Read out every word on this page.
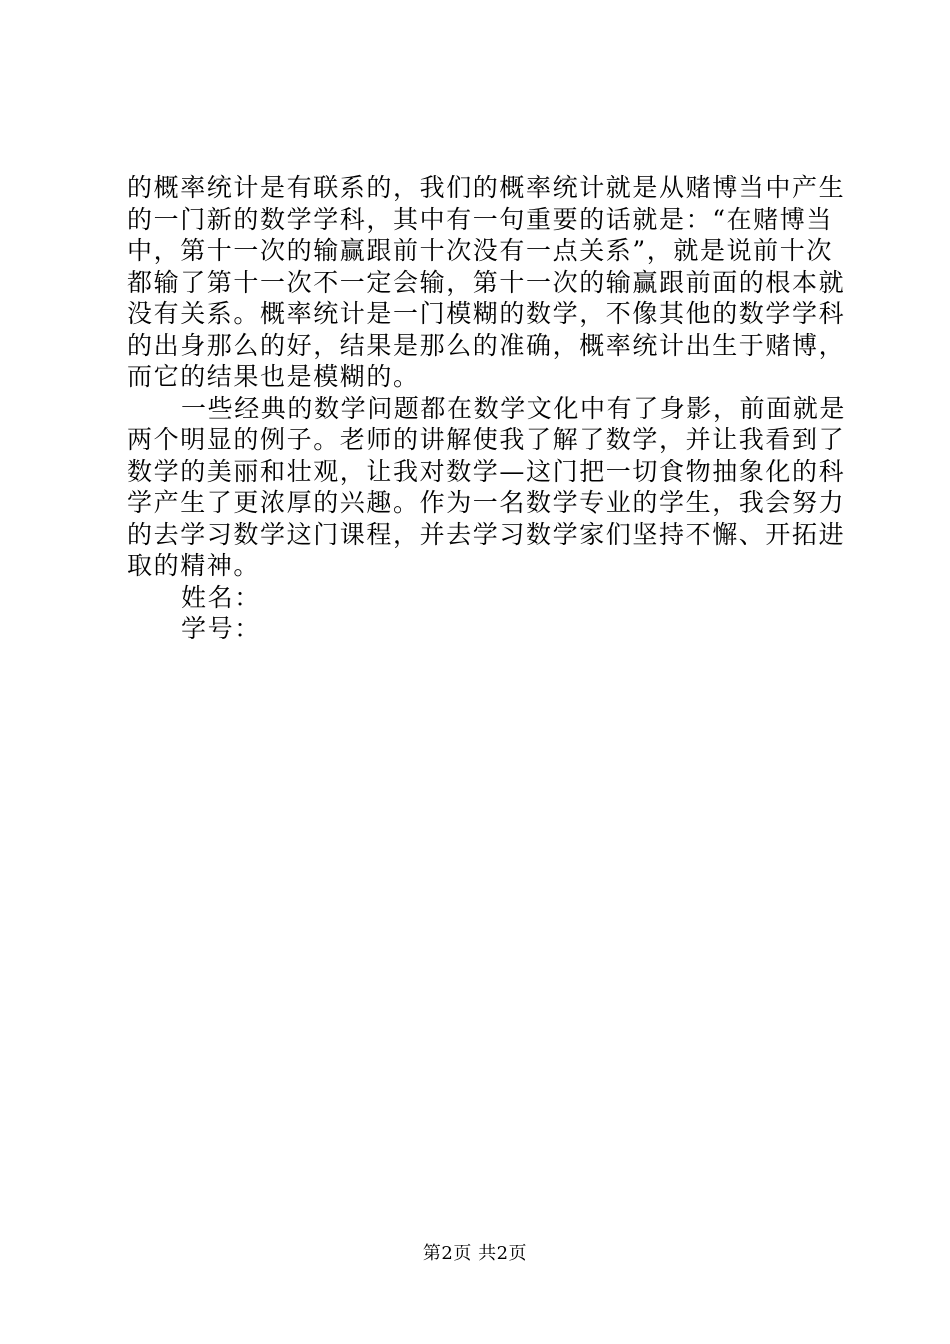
的概率统计是有联系的，我们的概率统计就是从赌博当中产生
的一门新的数学学科，其中有一句重要的话就是：“在赌博当
中，第十一次的输赢跟前十次没有一点关系”，就是说前十次
都输了第十一次不一定会输，第十一次的输赢跟前面的根本就
没有关系。概率统计是一门模糊的数学，不像其他的数学学科
的出身那么的好，结果是那么的准确，概率统计出生于赌博，
而它的结果也是模糊的。
一些经典的数学问题都在数学文化中有了身影，前面就是
两个明显的例子。老师的讲解使我了解了数学，并让我看到了
数学的美丽和壮观，让我对数学—这门把一切食物抽象化的科
学产生了更浓厚的兴趣。作为一名数学专业的学生，我会努力
的去学习数学这门课程，并去学习数学家们坚持不懈、开拓进
取的精神。
姓名：
学号：
第2页 共2页
